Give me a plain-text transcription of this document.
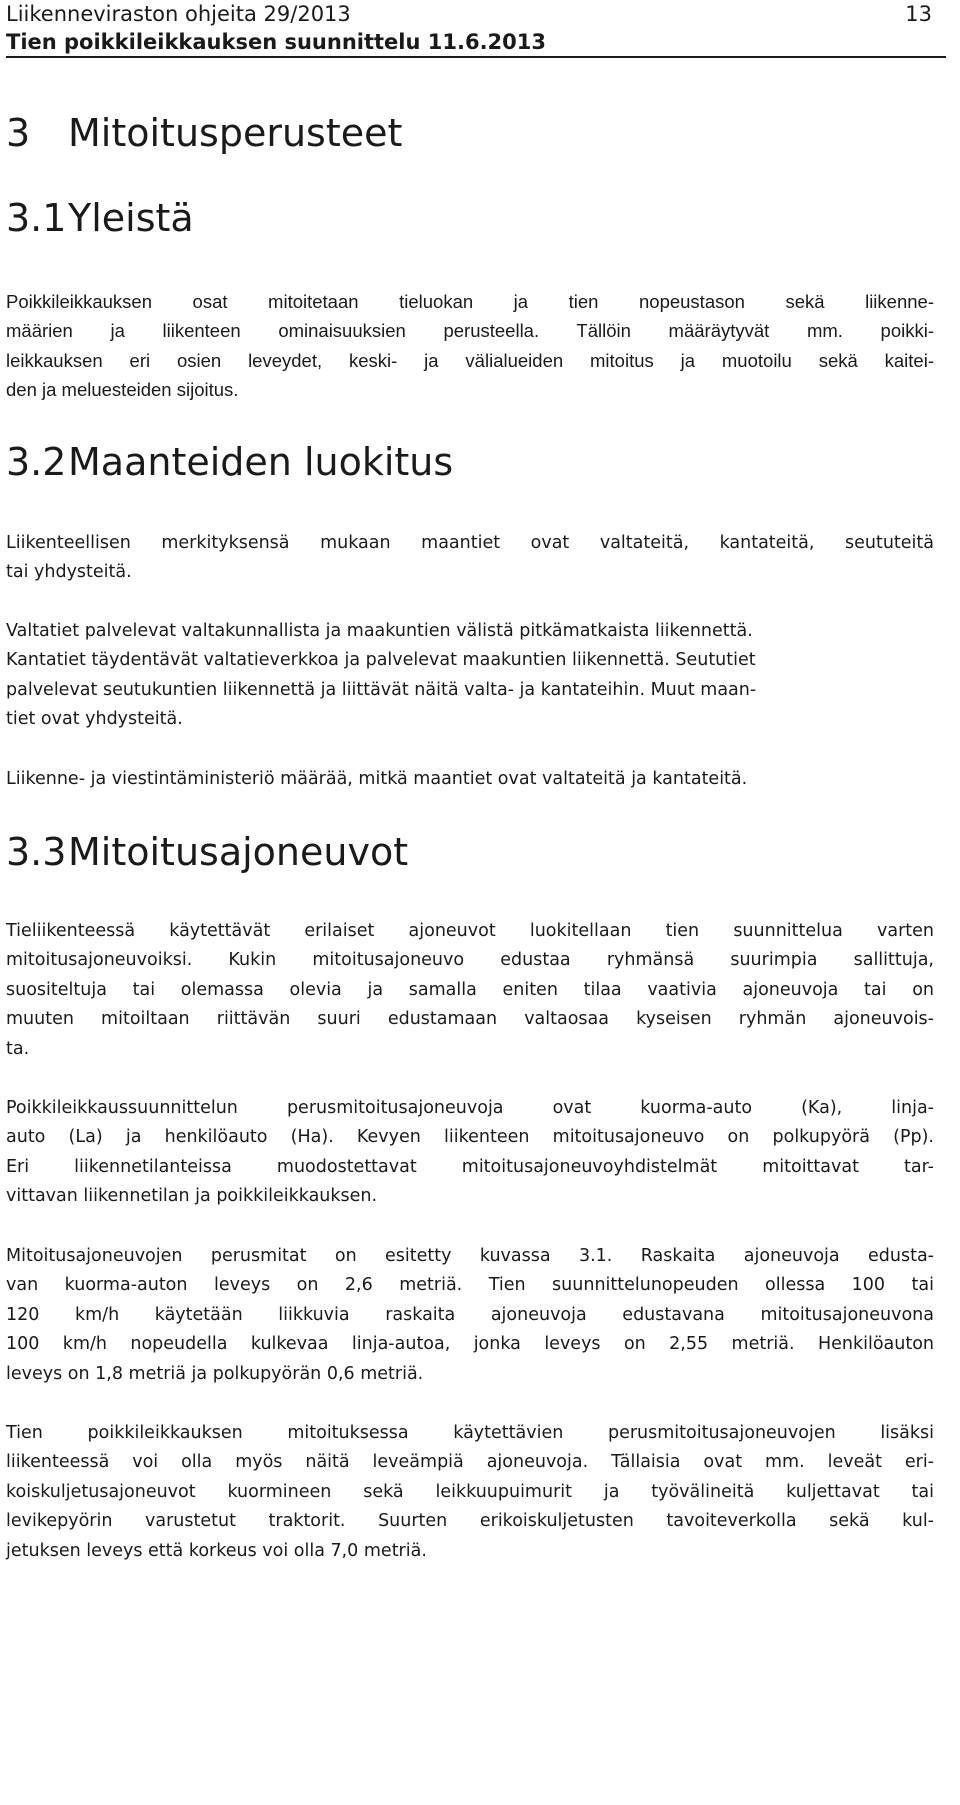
Liikenneviraston ohjeita 29/2013
Tien poikkileikkauksen suunnittelu 11.6.2013
13
3 Mitoitusperusteet
3.1Yleistä
Poikkileikkauksen osat mitoitetaan tieluokan ja tien nopeustason sekä liikenne-
määrien ja liikenteen ominaisuuksien perusteella. Tällöin määräytyvät mm. poikki-
leikkauksen eri osien leveydet, keski- ja välialueiden mitoitus ja muotoilu sekä kaitei-
den ja meluesteiden sijoitus.
3.2Maanteiden luokitus
Liikenteellisen merkityksensä mukaan maantiet ovat valtateitä, kantateitä, seututeitä
tai yhdysteitä.
Valtatiet palvelevat valtakunnallista ja maakuntien välistä pitkämatkaista liikennettä.
Kantatiet täydentävät valtatieverkkoa ja palvelevat maakuntien liikennettä. Seututiet
palvelevat seutukuntien liikennettä ja liittävät näitä valta- ja kantateihin. Muut maan-
tiet ovat yhdysteitä.
Liikenne- ja viestintäministeriö määrää, mitkä maantiet ovat valtateitä ja kantateitä.
3.3Mitoitusajoneuvot
Tieliikenteessä käytettävät erilaiset ajoneuvot luokitellaan tien suunnittelua varten
mitoitusajoneuvoiksi. Kukin mitoitusajoneuvo edustaa ryhmänsä suurimpia sallittuja,
suositeltuja tai olemassa olevia ja samalla eniten tilaa vaativia ajoneuvoja tai on
muuten mitoiltaan riittävän suuri edustamaan valtaosaa kyseisen ryhmän ajoneuvois-
ta.
Poikkileikkaussuunnittelun perusmitoitusajoneuvoja ovat kuorma-auto (Ka), linja-
auto (La) ja henkilöauto (Ha). Kevyen liikenteen mitoitusajoneuvo on polkupyörä (Pp).
Eri liikennetilanteissa muodostettavat mitoitusajoneuvoyhdistelmät mitoittavat tar-
vittavan liikennetilan ja poikkileikkauksen.
Mitoitusajoneuvojen perusmitat on esitetty kuvassa 3.1. Raskaita ajoneuvoja edusta-
van kuorma-auton leveys on 2,6 metriä. Tien suunnittelunopeuden ollessa 100 tai
120 km/h käytetään liikkuvia raskaita ajoneuvoja edustavana mitoitusajoneuvona
100 km/h nopeudella kulkevaa linja-autoa, jonka leveys on 2,55 metriä. Henkilöauton
leveys on 1,8 metriä ja polkupyörän 0,6 metriä.
Tien poikkileikkauksen mitoituksessa käytettävien perusmitoitusajoneuvojen lisäksi
liikenteessä voi olla myös näitä leveämpiä ajoneuvoja. Tällaisia ovat mm. leveät eri-
koiskuljetusajoneuvot kuormineen sekä leikkuupuimurit ja työvälineitä kuljettavat tai
levikepyörin varustetut traktorit. Suurten erikoiskuljetusten tavoiteverkolla sekä kul-
jetuksen leveys että korkeus voi olla 7,0 metriä.
